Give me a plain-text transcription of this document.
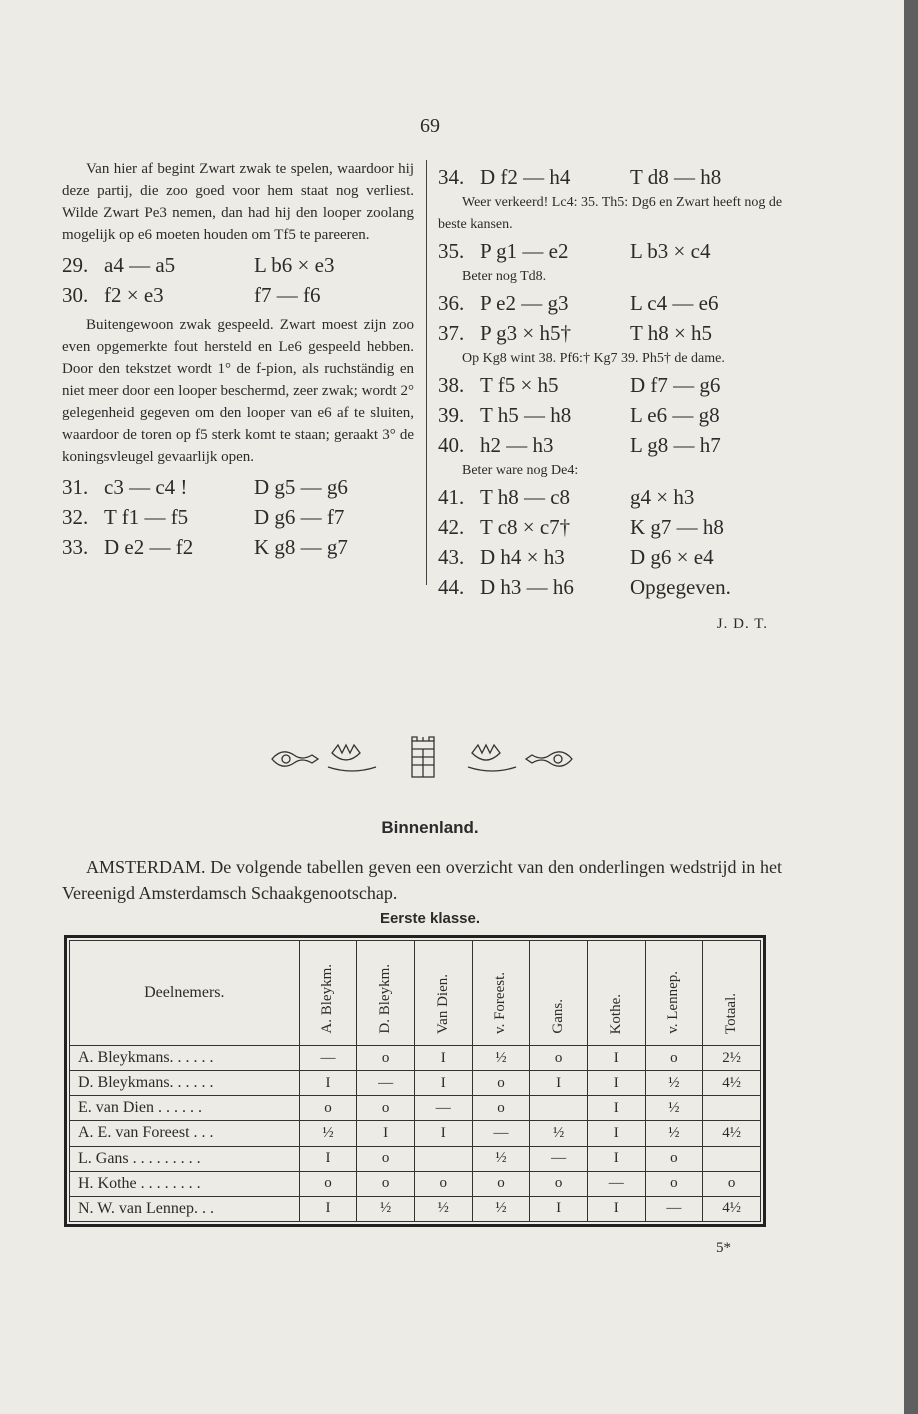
69

Van hier af begint Zwart zwak te spelen, waardoor hij deze partij, die zoo goed voor hem staat nog verliest. Wilde Zwart Pe3 nemen, dan had hij den looper zoolang mogelijk op e6 moeten houden om Tf5 te pareeren.

29. a4 — a5	L b6 × e3
30. f2 × e3	f7 — f6

Buitengewoon zwak gespeeld. Zwart moest zijn zoo even opgemerkte fout hersteld en Le6 gespeeld hebben. Door den tekstzet wordt 1° de f-pion, als ruchständig en niet meer door een looper beschermd, zeer zwak; wordt 2° gelegenheid gegeven om den looper van e6 af te sluiten, waardoor de toren op f5 sterk komt te staan; geraakt 3° de koningsvleugel gevaarlijk open.

31. c3 — c4 !	D g5 — g6
32. T f1 — f5	D g6 — f7
33. D e2 — f2	K g8 — g7
34. D f2 — h4	T d8 — h8

Weer verkeerd! Lc4: 35. Th5: Dg6 en Zwart heeft nog de beste kansen.

35. P g1 — e2	L b3 × c4

Beter nog Td8.

36. P e2 — g3	L c4 — e6
37. P g3 × h5†	T h8 × h5

Op Kg8 wint 38. Pf6:† Kg7 39. Ph5† de dame.

38. T f5 × h5	D f7 — g6
39. T h5 — h8	L e6 — g8
40. h2 — h3	L g8 — h7

Beter ware nog De4:

41. T h8 — c8	g4 × h3
42. T c8 × c7†	K g7 — h8
43. D h4 × h3	D g6 × e4
44. D h3 — h6	Opgegeven.
J. D. T.
Binnenland.

AMSTERDAM. De volgende tabellen geven een overzicht van den onderlingen wedstrijd in het Vereenigd Amsterdamsch Schaakgenootschap.

Eerste klasse.
Deelnemers.	A. Bleykm.	D. Bleykm.	Van Dien.	v. Foreest.	Gans.	Kothe.	v. Lennep.	Totaal.
A. Bleykmans. . . . . .	—	o	I	½	o	I	o	2½
D. Bleykmans. . . . . .	I	—	I	o	I	I	½	4½
E. van Dien . . . . . .	o	o	—	o		I	½	
A. E. van Foreest . . .	½	I	I	—	½	I	½	4½
L. Gans . . . . . . . . .	I	o		½	—	I	o	
H. Kothe . . . . . . . .	o	o	o	o	o	—	o	o
N. W. van Lennep. . .	I	½	½	½	I	I	—	4½
5*
